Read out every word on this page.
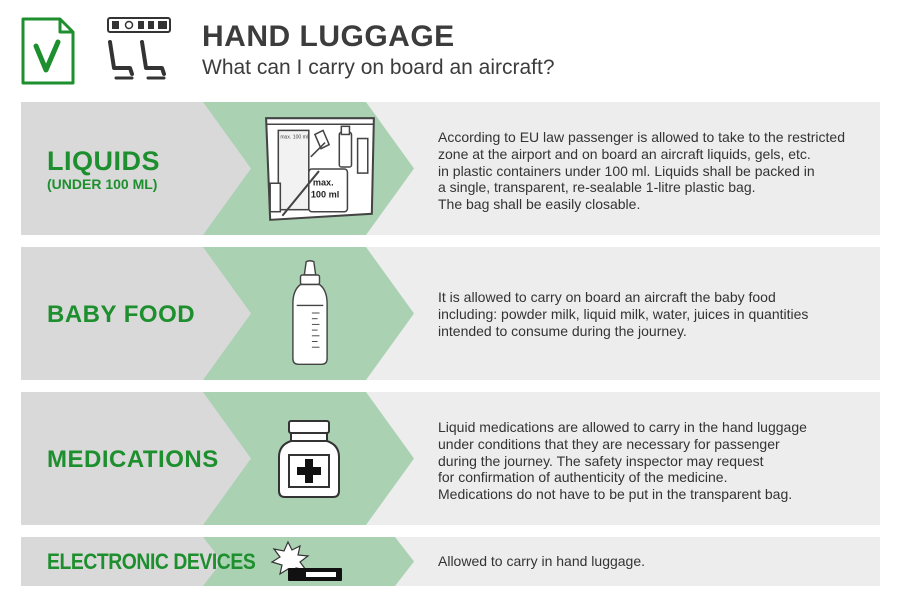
HAND LUGGAGE
What can I carry on board an aircraft?
LIQUIDS
(UNDER 100 ML)
max. 100 ml
max.
100 ml
According to EU law passenger is allowed to take to the restricted
zone at the airport and on board an aircraft liquids, gels, etc.
in plastic containers under 100 ml. Liquids shall be packed in
a single, transparent, re-sealable 1-litre plastic bag.
The bag shall be easily closable.
BABY FOOD
It is allowed to carry on board an aircraft the baby food
including: powder milk, liquid milk, water, juices in quantities
intended to consume during the journey.
MEDICATIONS
Liquid medications are allowed to carry in the hand luggage
under conditions that they are necessary for passenger
during the journey. The safety inspector may request
for confirmation of authenticity of the medicine.
Medications do not have to be put in the transparent bag.
ELECTRONIC DEVICES	Allowed to carry in hand luggage.
